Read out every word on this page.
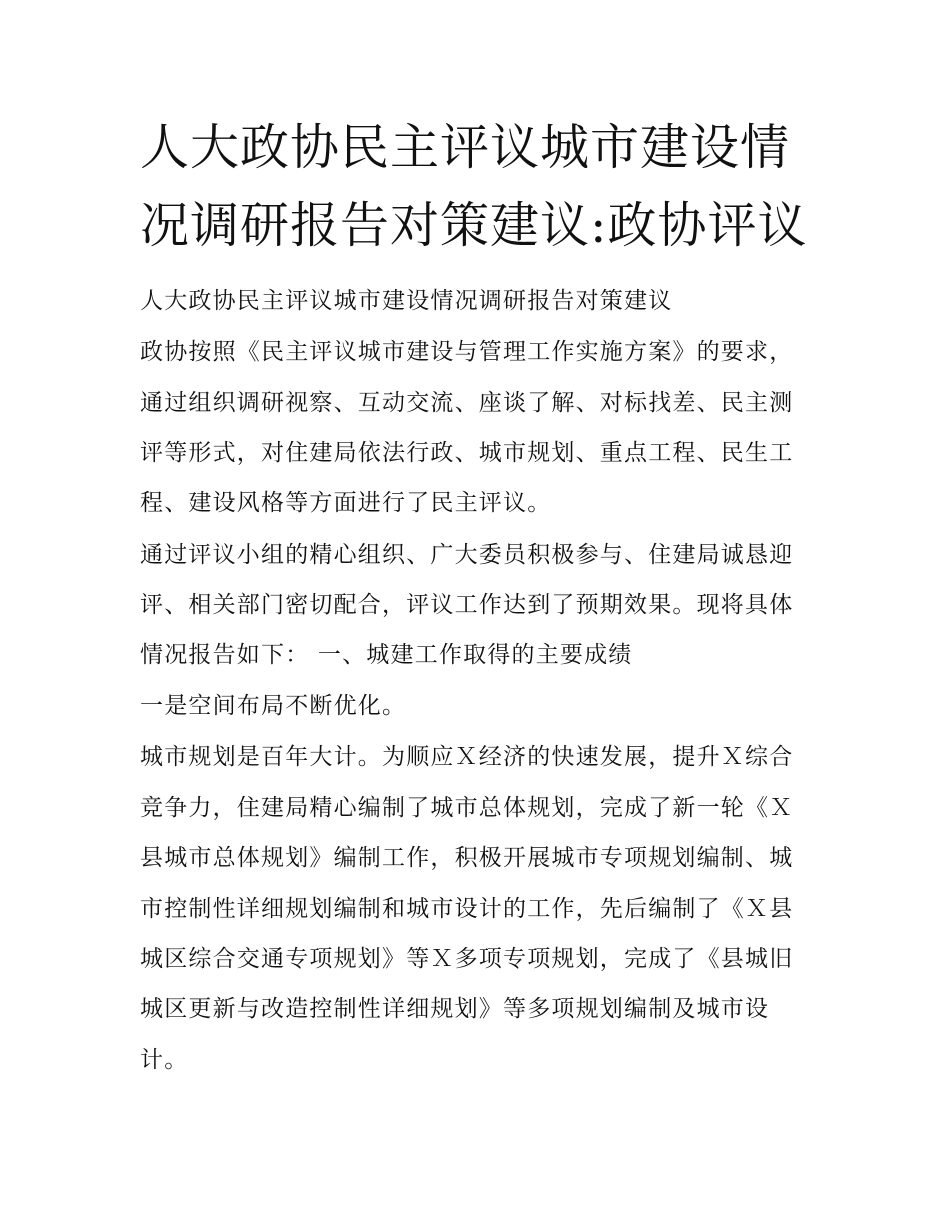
人大政协民主评议城市建设情
况调研报告对策建议:政协评议
人大政协民主评议城市建设情况调研报告对策建议
政协按照《民主评议城市建设与管理工作实施方案》的要求，
通过组织调研视察、互动交流、座谈了解、对标找差、民主测
评等形式，对住建局依法行政、城市规划、重点工程、民生工
程、建设风格等方面进行了民主评议。
通过评议小组的精心组织、广大委员积极参与、住建局诚恳迎
评、相关部门密切配合，评议工作达到了预期效果。现将具体
情况报告如下： 一、城建工作取得的主要成绩
一是空间布局不断优化。
城市规划是百年大计。为顺应Ｘ经济的快速发展，提升Ｘ综合
竞争力，住建局精心编制了城市总体规划，完成了新一轮《Ｘ
县城市总体规划》编制工作，积极开展城市专项规划编制、城
市控制性详细规划编制和城市设计的工作，先后编制了《Ｘ县
城区综合交通专项规划》等Ｘ多项专项规划，完成了《县城旧
城区更新与改造控制性详细规划》等多项规划编制及城市设
计。
